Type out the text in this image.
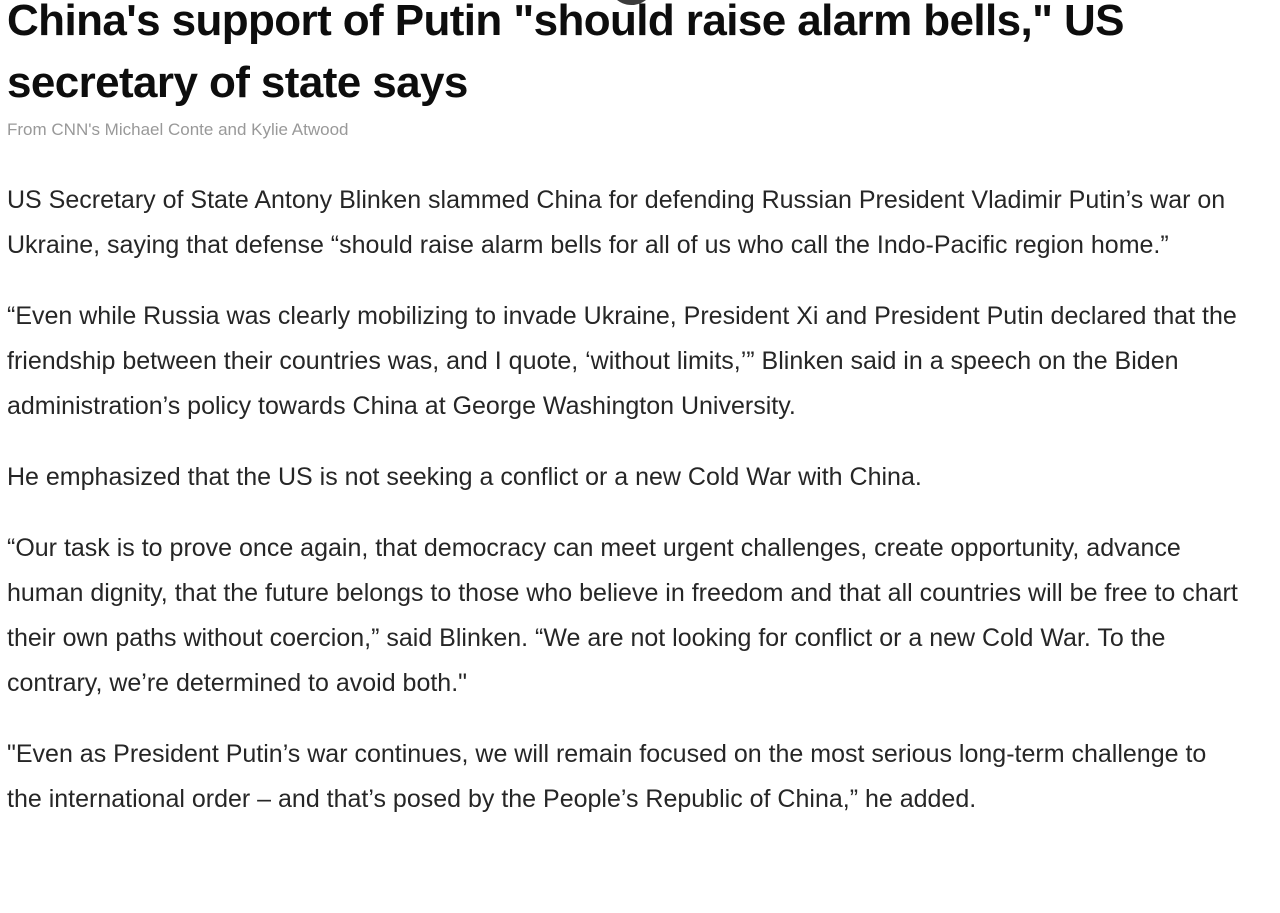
China's support of Putin "should raise alarm bells," US secretary of state says
From CNN's Michael Conte and Kylie Atwood

US Secretary of State Antony Blinken slammed China for defending Russian President Vladimir Putin’s war on Ukraine, saying that defense “should raise alarm bells for all of us who call the Indo-Pacific region home.”

“Even while Russia was clearly mobilizing to invade Ukraine, President Xi and President Putin declared that the friendship between their countries was, and I quote, ‘without limits,’” Blinken said in a speech on the Biden administration’s policy towards China at George Washington University.

He emphasized that the US is not seeking a conflict or a new Cold War with China.

“Our task is to prove once again, that democracy can meet urgent challenges, create opportunity, advance human dignity, that the future belongs to those who believe in freedom and that all countries will be free to chart their own paths without coercion,” said Blinken. “We are not looking for conflict or a new Cold War. To the contrary, we’re determined to avoid both."

"Even as President Putin’s war continues, we will remain focused on the most serious long-term challenge to the international order – and that’s posed by the People’s Republic of China,” he added.
